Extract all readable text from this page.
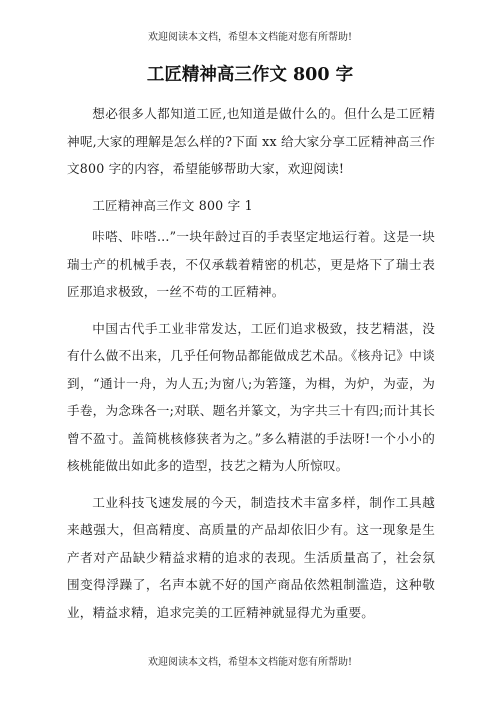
欢迎阅读本文档，希望本文档能对您有所帮助!
工匠精神高三作文 800 字

想必很多人都知道工匠,也知道是做什么的。但什么是工匠精神呢,大家的理解是怎么样的?下面 xx 给大家分享工匠精神高三作文800 字的内容，希望能够帮助大家，欢迎阅读!

工匠精神高三作文 800 字 1

咔嗒、咔嗒…”一块年龄过百的手表坚定地运行着。这是一块瑞士产的机械手表，不仅承载着精密的机芯，更是烙下了瑞士表匠那追求极致，一丝不苟的工匠精神。

中国古代手工业非常发达，工匠们追求极致，技艺精湛，没有什么做不出来，几乎任何物品都能做成艺术品。《核舟记》中谈到，“通计一舟，为人五;为窗八;为箬篷，为楫，为炉，为壶，为手卷，为念珠各一;对联、题名并篆文，为字共三十有四;而计其长曾不盈寸。盖简桃核修狭者为之。”多么精湛的手法呀!一个小小的核桃能做出如此多的造型，技艺之精为人所惊叹。

工业科技飞速发展的今天，制造技术丰富多样，制作工具越来越强大，但高精度、高质量的产品却依旧少有。这一现象是生产者对产品缺少精益求精的追求的表现。生活质量高了，社会氛围变得浮躁了，名声本就不好的国产商品依然粗制滥造，这种敬业，精益求精，追求完美的工匠精神就显得尤为重要。

欢迎阅读本文档，希望本文档能对您有所帮助!
